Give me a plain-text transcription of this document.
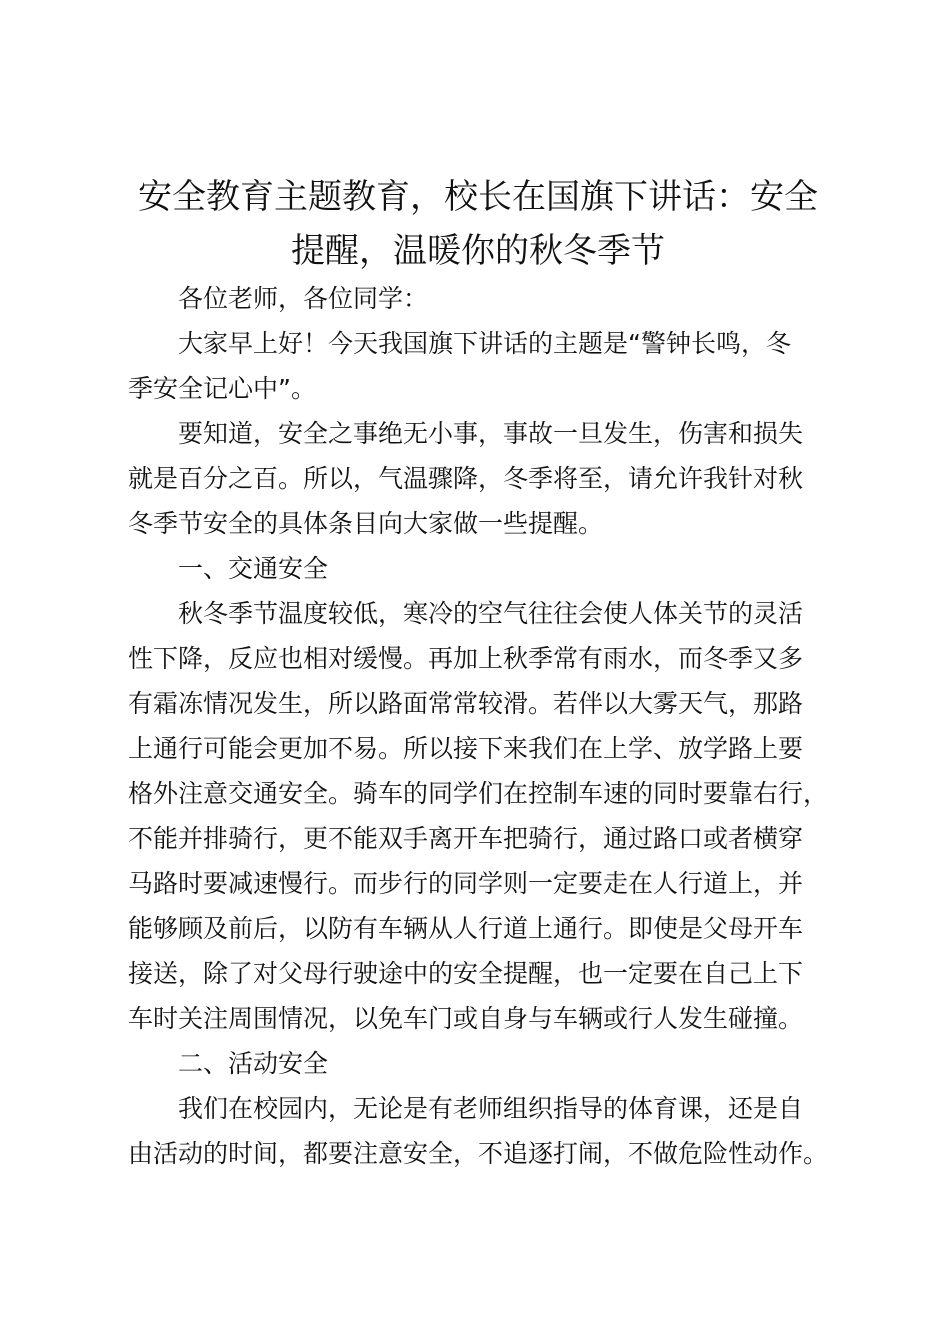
安全教育主题教育，校长在国旗下讲话：安全
提醒，温暖你的秋冬季节
各位老师，各位同学：
大家早上好！今天我国旗下讲话的主题是“警钟长鸣，冬
季安全记心中”。
要知道，安全之事绝无小事，事故一旦发生，伤害和损失
就是百分之百。所以，气温骤降，冬季将至，请允许我针对秋
冬季节安全的具体条目向大家做一些提醒。
一、交通安全
秋冬季节温度较低，寒冷的空气往往会使人体关节的灵活
性下降，反应也相对缓慢。再加上秋季常有雨水，而冬季又多
有霜冻情况发生，所以路面常常较滑。若伴以大雾天气，那路
上通行可能会更加不易。所以接下来我们在上学、放学路上要
格外注意交通安全。骑车的同学们在控制车速的同时要靠右行，
不能并排骑行，更不能双手离开车把骑行，通过路口或者横穿
马路时要减速慢行。而步行的同学则一定要走在人行道上，并
能够顾及前后，以防有车辆从人行道上通行。即使是父母开车
接送，除了对父母行驶途中的安全提醒，也一定要在自己上下
车时关注周围情况，以免车门或自身与车辆或行人发生碰撞。
二、活动安全
我们在校园内，无论是有老师组织指导的体育课，还是自
由活动的时间，都要注意安全，不追逐打闹，不做危险性动作。
